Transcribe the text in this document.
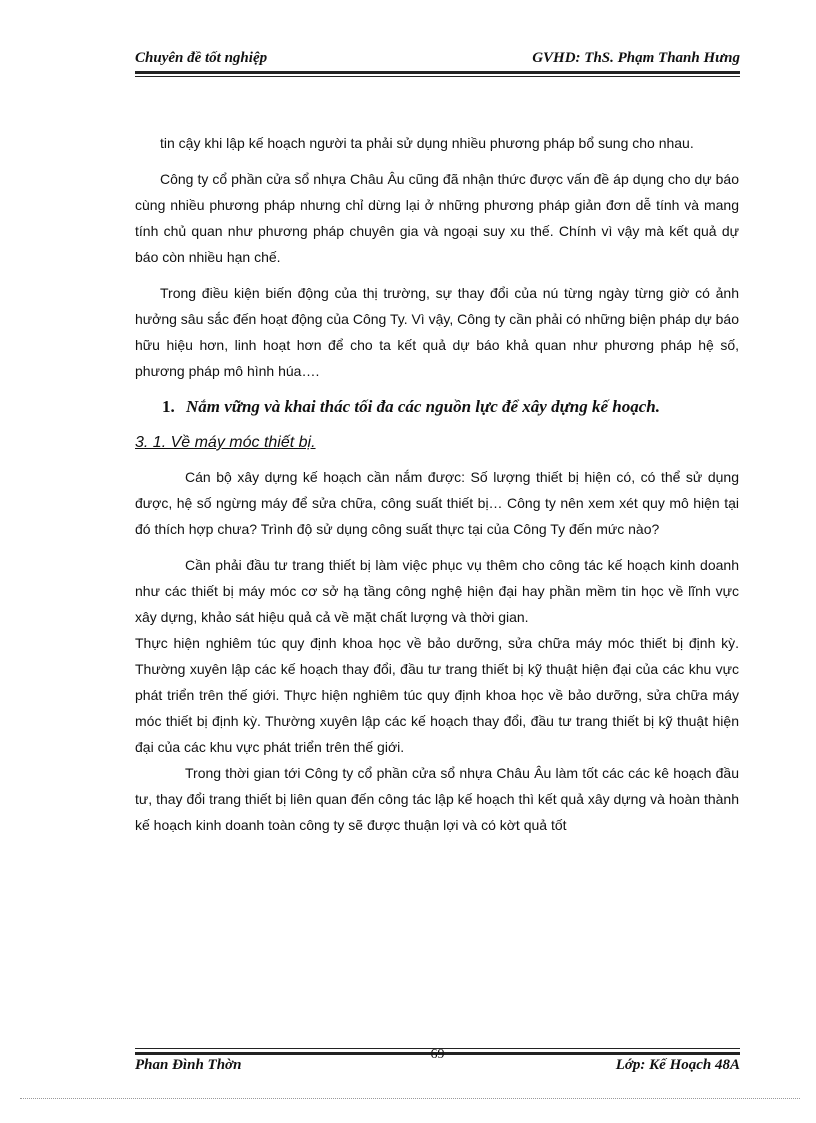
Chuyên đề tốt nghiệp	GVHD: ThS. Phạm Thanh Hưng

tin cậy khi lập kế hoạch người ta phải sử dụng nhiều phương pháp bổ sung cho nhau.

Công ty cổ phần cửa sổ nhựa Châu Âu cũng đã nhận thức được vấn đề áp dụng cho dự báo cùng nhiều phương pháp nhưng chỉ dừng lại ở những phương pháp giản đơn dễ tính và mang tính chủ quan như phương pháp chuyên gia và ngoại suy xu thế. Chính vì vậy mà kết quả dự báo còn nhiều hạn chế.

Trong điều kiện biến động của thị trường, sự thay đổi của nú từng ngày từng giờ có ảnh hưởng sâu sắc đến hoạt động của Công Ty. Vì vậy, Công ty cần phải có những biện pháp dự báo hữu hiệu hơn, linh hoạt hơn để cho ta kết quả dự báo khả quan như phương pháp hệ số, phương pháp mô hình húa….

1. Nắm vững và khai thác tối đa các nguồn lực để xây dựng kế hoạch.

3. 1. Về máy móc thiết bị.

Cán bộ xây dựng kế hoạch cần nắm được: Số lượng thiết bị hiện có, có thể sử dụng được, hệ số ngừng máy để sửa chữa, công suất thiết bị… Công ty nên xem xét quy mô hiện tại đó thích hợp chưa? Trình độ sử dụng công suất thực tại của Công Ty đến mức nào?

Cần phải đầu tư trang thiết bị làm việc phục vụ thêm cho công tác kế hoạch kinh doanh như các thiết bị máy móc cơ sở hạ tầng công nghệ hiện đại hay phần mềm tin học về lĩnh vực xây dựng, khảo sát hiệu quả cả về mặt chất lượng và thời gian.

Thực hiện nghiêm túc quy định khoa học về bảo dưỡng, sửa chữa máy móc thiết bị định kỳ. Thường xuyên lập các kế hoạch thay đổi, đầu tư trang thiết bị kỹ thuật hiện đại của các khu vực phát triển trên thế giới. Thực hiện nghiêm túc quy định khoa học về bảo dưỡng, sửa chữa máy móc thiết bị định kỳ. Thường xuyên lập các kế hoạch thay đổi, đầu tư trang thiết bị kỹ thuật hiện đại của các khu vực phát triển trên thế giới.

Trong thời gian tới Công ty cổ phần cửa sổ nhựa Châu Âu làm tốt các các kê hoạch đầu tư, thay đổi trang thiết bị liên quan đến công tác lập kế hoạch thì kết quả xây dựng và hoàn thành kế hoạch kinh doanh toàn công ty sẽ được thuận lợi và có kờt quả tốt

69
Phan Đình Thờn	Lớp: Kế Hoạch 48A
